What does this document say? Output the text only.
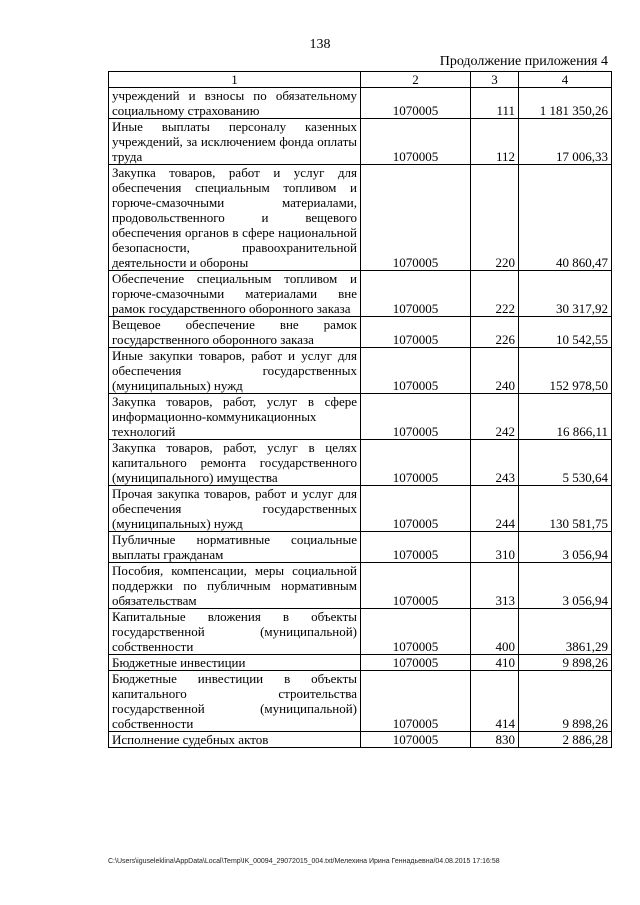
138
Продолжение приложения 4
1	2	3	4
учреждений и взносы по обязательному социальному страхованию	1070005	111	1 181 350,26
Иные выплаты персоналу казенных учреждений, за исключением фонда оплаты труда	1070005	112	17 006,33
Закупка товаров, работ и услуг для обеспечения специальным топливом и горюче-смазочными материалами, продовольственного и вещевого обеспечения органов в сфере национальной безопасности, правоохранительной деятельности и обороны	1070005	220	40 860,47
Обеспечение специальным топливом и горюче-смазочными материалами вне рамок государственного оборонного заказа	1070005	222	30 317,92
Вещевое обеспечение вне рамок государственного оборонного заказа	1070005	226	10 542,55
Иные закупки товаров, работ и услуг для обеспечения государственных (муниципальных) нужд	1070005	240	152 978,50
Закупка товаров, работ, услуг в сфере информационно-коммуникационных технологий	1070005	242	16 866,11
Закупка товаров, работ, услуг в целях капитального ремонта государственного (муниципального) имущества	1070005	243	5 530,64
Прочая закупка товаров, работ и услуг для обеспечения государственных (муниципальных) нужд	1070005	244	130 581,75
Публичные нормативные социальные выплаты гражданам	1070005	310	3 056,94
Пособия, компенсации, меры социальной поддержки по публичным нормативным обязательствам	1070005	313	3 056,94
Капитальные вложения в объекты государственной (муниципальной) собственности	1070005	400	3861,29
Бюджетные инвестиции	1070005	410	9 898,26
Бюджетные инвестиции в объекты капитального строительства государственной (муниципальной) собственности	1070005	414	9 898,26
Исполнение судебных актов	1070005	830	2 886,28
C:\Users\iguseleklina\AppData\Local\Temp\IK_00094_29072015_004.txt/Мелехина Ирина Геннадьевна/04.08.2015 17:16:58
